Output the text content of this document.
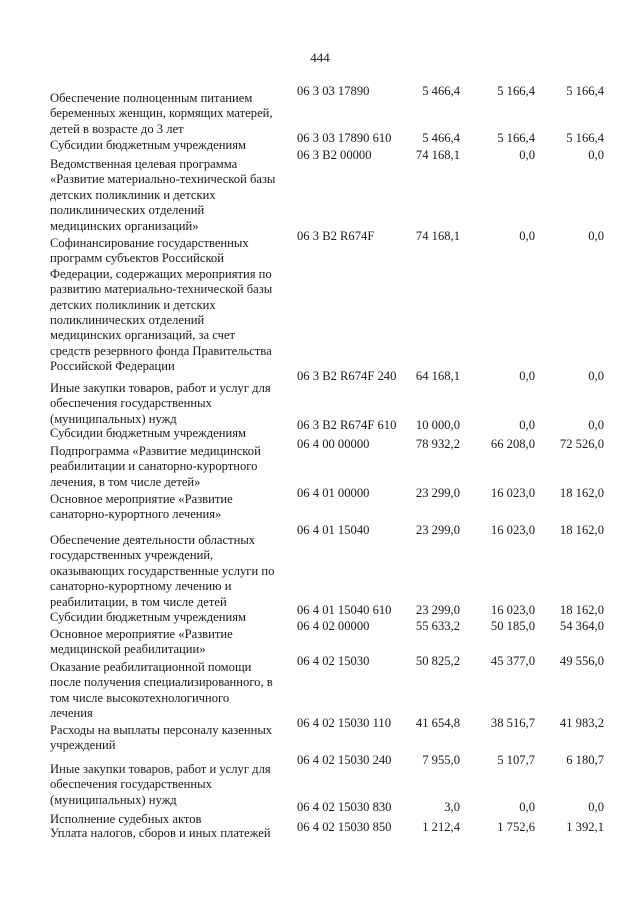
444
Обеспечение полноценным питанием
беременных женщин, кормящих матерей,
детей в возрасте до 3 лет
06 3 03 17890	5 466,4	5 166,4	5 166,4
Субсидии бюджетным учреждениям	06 3 03 17890 610	5 466,4	5 166,4	5 166,4
Ведомственная целевая программа
«Развитие материально-технической базы
детских поликлиник и детских
поликлинических отделений
медицинских организаций»
06 3 В2 00000	74 168,1	0,0	0,0
Софинансирование государственных
программ субъектов Российской
Федерации, содержащих мероприятия по
развитию материально-технической базы
детских поликлиник и детских
поликлинических отделений
медицинских организаций, за счет
средств резервного фонда Правительства
Российской Федерации
06 3 В2 R674F	74 168,1	0,0	0,0
Иные закупки товаров, работ и услуг для
обеспечения государственных
(муниципальных) нужд
06 3 В2 R674F 240	64 168,1	0,0	0,0
Субсидии бюджетным учреждениям
06 3 В2 R674F 610	10 000,0	0,0	0,0
Подпрограмма «Развитие медицинской
реабилитации и санаторно-курортного
лечения, в том числе детей»
06 4 00 00000	78 932,2	66 208,0	72 526,0
Основное мероприятие «Развитие
санаторно-курортного лечения»
06 4 01 00000	23 299,0	16 023,0	18 162,0
Обеспечение деятельности областных
государственных учреждений,
оказывающих государственные услуги по
санаторно-курортному лечению и
реабилитации, в том числе детей
06 4 01 15040	23 299,0	16 023,0	18 162,0
Субсидии бюджетным учреждениям	06 4 01 15040 610	23 299,0	16 023,0	18 162,0
Основное мероприятие «Развитие
медицинской реабилитации»
06 4 02 00000	55 633,2	50 185,0	54 364,0
Оказание реабилитационной помощи
после получения специализированного, в
том числе высокотехнологичного
лечения
06 4 02 15030	50 825,2	45 377,0	49 556,0
Расходы на выплаты персоналу казенных
учреждений
06 4 02 15030 110	41 654,8	38 516,7	41 983,2
Иные закупки товаров, работ и услуг для
обеспечения государственных
(муниципальных) нужд
06 4 02 15030 240	7 955,0	5 107,7	6 180,7
Исполнение судебных актов
06 4 02 15030 830	3,0	0,0	0,0
Уплата налогов, сборов и иных платежей	06 4 02 15030 850	1 212,4	1 752,6	1 392,1
